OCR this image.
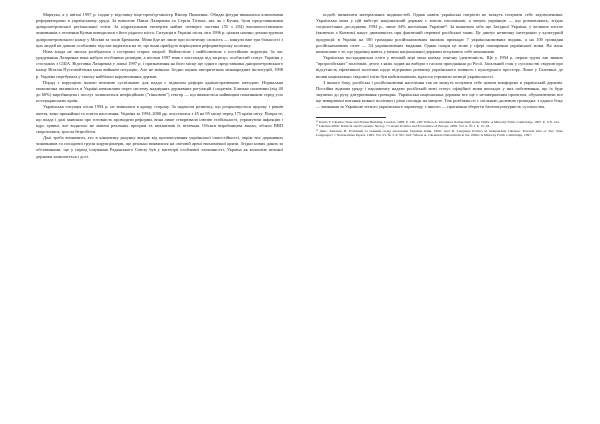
Марчука, а у квітні 1997 р. подав у відставку віце-прем'єр-міністр Віктор Пинзеник. Обидві фігури вважалися ключовими реформаторами в українському уряді. За вимогою Павла Лазаренка та Сергія Тігіпка, які, як і Кучма, були представниками дніпропетровської регіональної еліти. За підрахунками експертів майже четверта частина (55 з 204) високопоставлених чиновників з оточення Кучми виводилася з його рідного міста. Ситуація в Україні після літа 1996 р. цілком наочно демонструвала дніпропетровського клану у Москві за часів Брежнєва. Мова йде не лише про політичну схожість — минули вже три більшості з цих людей не давали особливих підстав надіятися на те, що вони прийдуть вирішувати реформаторську політику.

Нова влада не змогла розібратися з гострими старих хвороб. Найчастіше і найболючіше є постійною корупція. За час урядування Лазаренка вона набула особливих розмірів, а восени 1997 взяв з листопада під загрозу» особистий статус України у стосунках з США. Відставка Лазаренка у липні 1997 р. і призначення на його місце ще одного представника дніпропетровського клану Віталія Пустовойтенка мала вийняти ситуацію. Але не змінила. Згідно оцінок авторитетних міжнародних інституцій, 1998 р. Україна перебувала у списку найбільш корумпованих держав.

Поряд з корупцією іншою великою суспільною для влади є підвалом реформ адміністративною методою. Нормальна економічна активність в Україні неможлива через систему надмірних державних регуляцій і податків. Близько половини (від 40 до 60%) виробництва і послуг залишається неофіційною ("тіньовою") сектор — що вважається найвищим показником серед усіх пострадянських країн.

Українська ситуація після 1994 р. не змінилася в кращу сторону. За індексом розвитку, що розраховується щороку і рівнів життя, воно принаймні та освіти населення, Україна за 1994–2000 рр. опустилася з 45 на 95 місце перед 175 країн світу. Попри те, що влада і далі заявляла про готовність проводити реформи, вона лише створювала ілюзію стабільності, утримуючи інфляцію і курс гривні, але водночас не маючи реальних програм та механізмів їх втілення. Обсяги виробництва впали, обсяги ВВП скоротилися, зросла безробіття.

Далі треба визначити, хто в кінцевому рахунку виграв від пролонгування української самостійності, окрім тих державних чиновників та посадової групи корупціонерів, що реально виявилися на світовій арені економічної кризи. Згідно нових даних за обставинами, що у період існування Радянського Союзу був у категорії особливої злочинності, Україна як колонією великої держави залишається і досі.

подобі визначити матеріальних видимостей. Однак навіть українські патріоти не можуть почувати себе задоволеними. Українська мова у цій вибо-ре національній державі є зовсім зіпсованою, а чверть українців — що розмовляють, згідно соціологічних досліджень 1994 р., лише 44% населення України¹². За винятком хіба що Західної України, у великих містах (включно з Києвом) панує двомовність при фактичній перевазі російської мови. Це диктує незвичну інтеграцію у культурній продукції: в Україні на 100 громадян російськомовних книжок припадає 7 українськомовних видань, а на 100 громадян російськомовних газет — 54 україномовних видання. Однак попри це мова у сфері поширення української мови. На жаль неможливе є те, що українці навіть у межах національної держави почувають себе меншиною.

Українська пострадянська еліта у великій мірі мала низьку етнічну ідентичність. Ще у 1994 р. перша група так званих "проросійських" політиків, дехто з яких ходив на вибори з гаслом приєднання до Росії. Загальний стан у суспільстві свідчив про відсутність ефективної політики щодо підтримки розвитку українського мовного і культурного простору. Лише у Галичині, де вплив національно свідомої еліти був найсильнішим, вдалося утримати позиції українськості.

З іншого боку, російські і російськомовні населення так не можуть почувати себе цілком комфортно в українській державі. Постійна відмова уряду і парламенту надати російській мові статус офіційної мови виглядає у них побоювання, що їх буде змушено до руху дитуріювання громадян. Українська національна держава все ще є незавершеним проектом, обумовлюючи все ще невирішені питання мовної політики і різні погляди на минуле. Тож розбіжності є спільною дилемою громадян: з одного боку — визнання за Україною чіткого українського характеру, з іншого — прагнення зберегти багатокультурність суспільства.

¹¹ Kuzio T. Ukraine: State and Nation Building. London, 1998. P. 146–148; Wilson A. Ukrainian Nationalism in the 1990s. A Minority Faith. Cambridge, 1997. P. 118–124.

¹² Ukraine-2000: Political and Economic Survey // Current Politics and Economics of Europe. 2000. Vol. 9. № 1. P. 15–18.

¹³ Див.: Хмелько В. Етнічний та мовний склад населення України. Київ, 1996; Arel D. Language Politics in Independent Ukraine: Towards One or Two State Languages? // Nationalities Papers. 1995. Vol. 23. № 3. P. 597–622; Wilson A. Ukrainian Nationalism in the 1990s: A Minority Faith. Cambridge, 1997.
